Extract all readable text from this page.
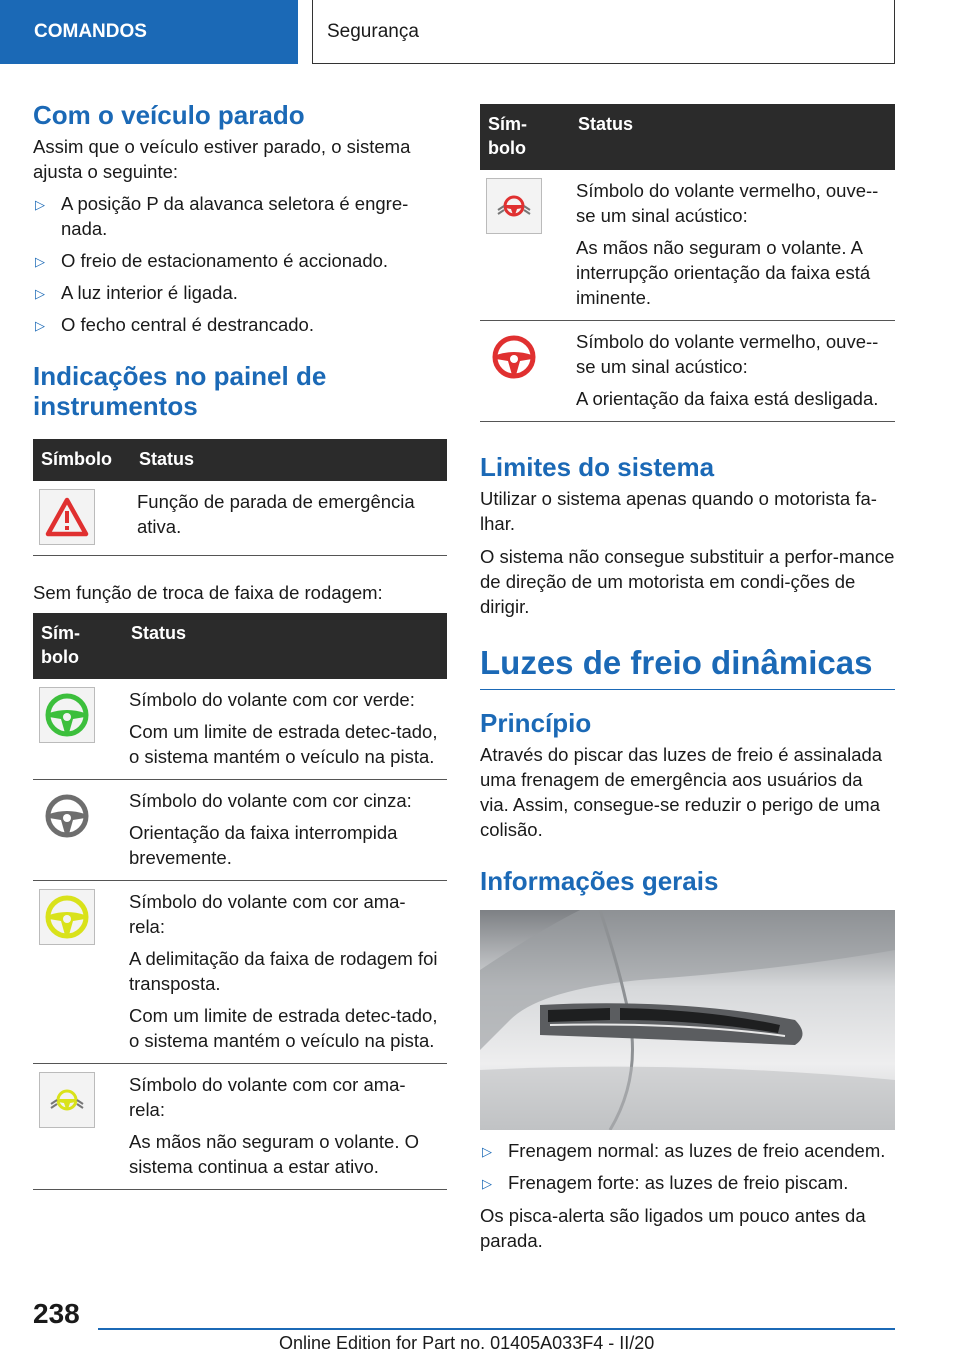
COMANDOS	Segurança
Com o veículo parado

Assim que o veículo estiver parado, o sistema ajusta o seguinte:

▷ A posição P da alavanca seletora é engre-nada.
▷ O freio de estacionamento é accionado.
▷ A luz interior é ligada.
▷ O fecho central é destrancado.
Indicações no painel de instrumentos
Símbolo	Status

Função de parada de emergência ativa.

Sem função de troca de faixa de rodagem:

Sím-bolo	Status

Símbolo do volante com cor verde:

Com um limite de estrada detec-tado, o sistema mantém o veículo na pista.

Símbolo do volante com cor cinza:

Orientação da faixa interrompida brevemente.

Símbolo do volante com cor ama-rela:

A delimitação da faixa de rodagem foi transposta.

Com um limite de estrada detec-tado, o sistema mantém o veículo na pista.

Símbolo do volante com cor ama-rela:

As mãos não seguram o volante. O sistema continua a estar ativo.

Sím-bolo	Status

Símbolo do volante vermelho, ouve--se um sinal acústico:

As mãos não seguram o volante. A interrupção orientação da faixa está iminente.

Símbolo do volante vermelho, ouve--se um sinal acústico:

A orientação da faixa está desligada.

Limites do sistema

Utilizar o sistema apenas quando o motorista fa-lhar.

O sistema não consegue substituir a perfor-mance de direção de um motorista em condi-ções de dirigir.

Luzes de freio dinâmicas
Princípio

Através do piscar das luzes de freio é assinalada uma frenagem de emergência aos usuários da via. Assim, consegue-se reduzir o perigo de uma colisão.

Informações gerais
▷ Frenagem normal: as luzes de freio acendem.
▷ Frenagem forte: as luzes de freio piscam.

Os pisca-alerta são ligados um pouco antes da parada.

238
Online Edition for Part no. 01405A033F4 - II/20
